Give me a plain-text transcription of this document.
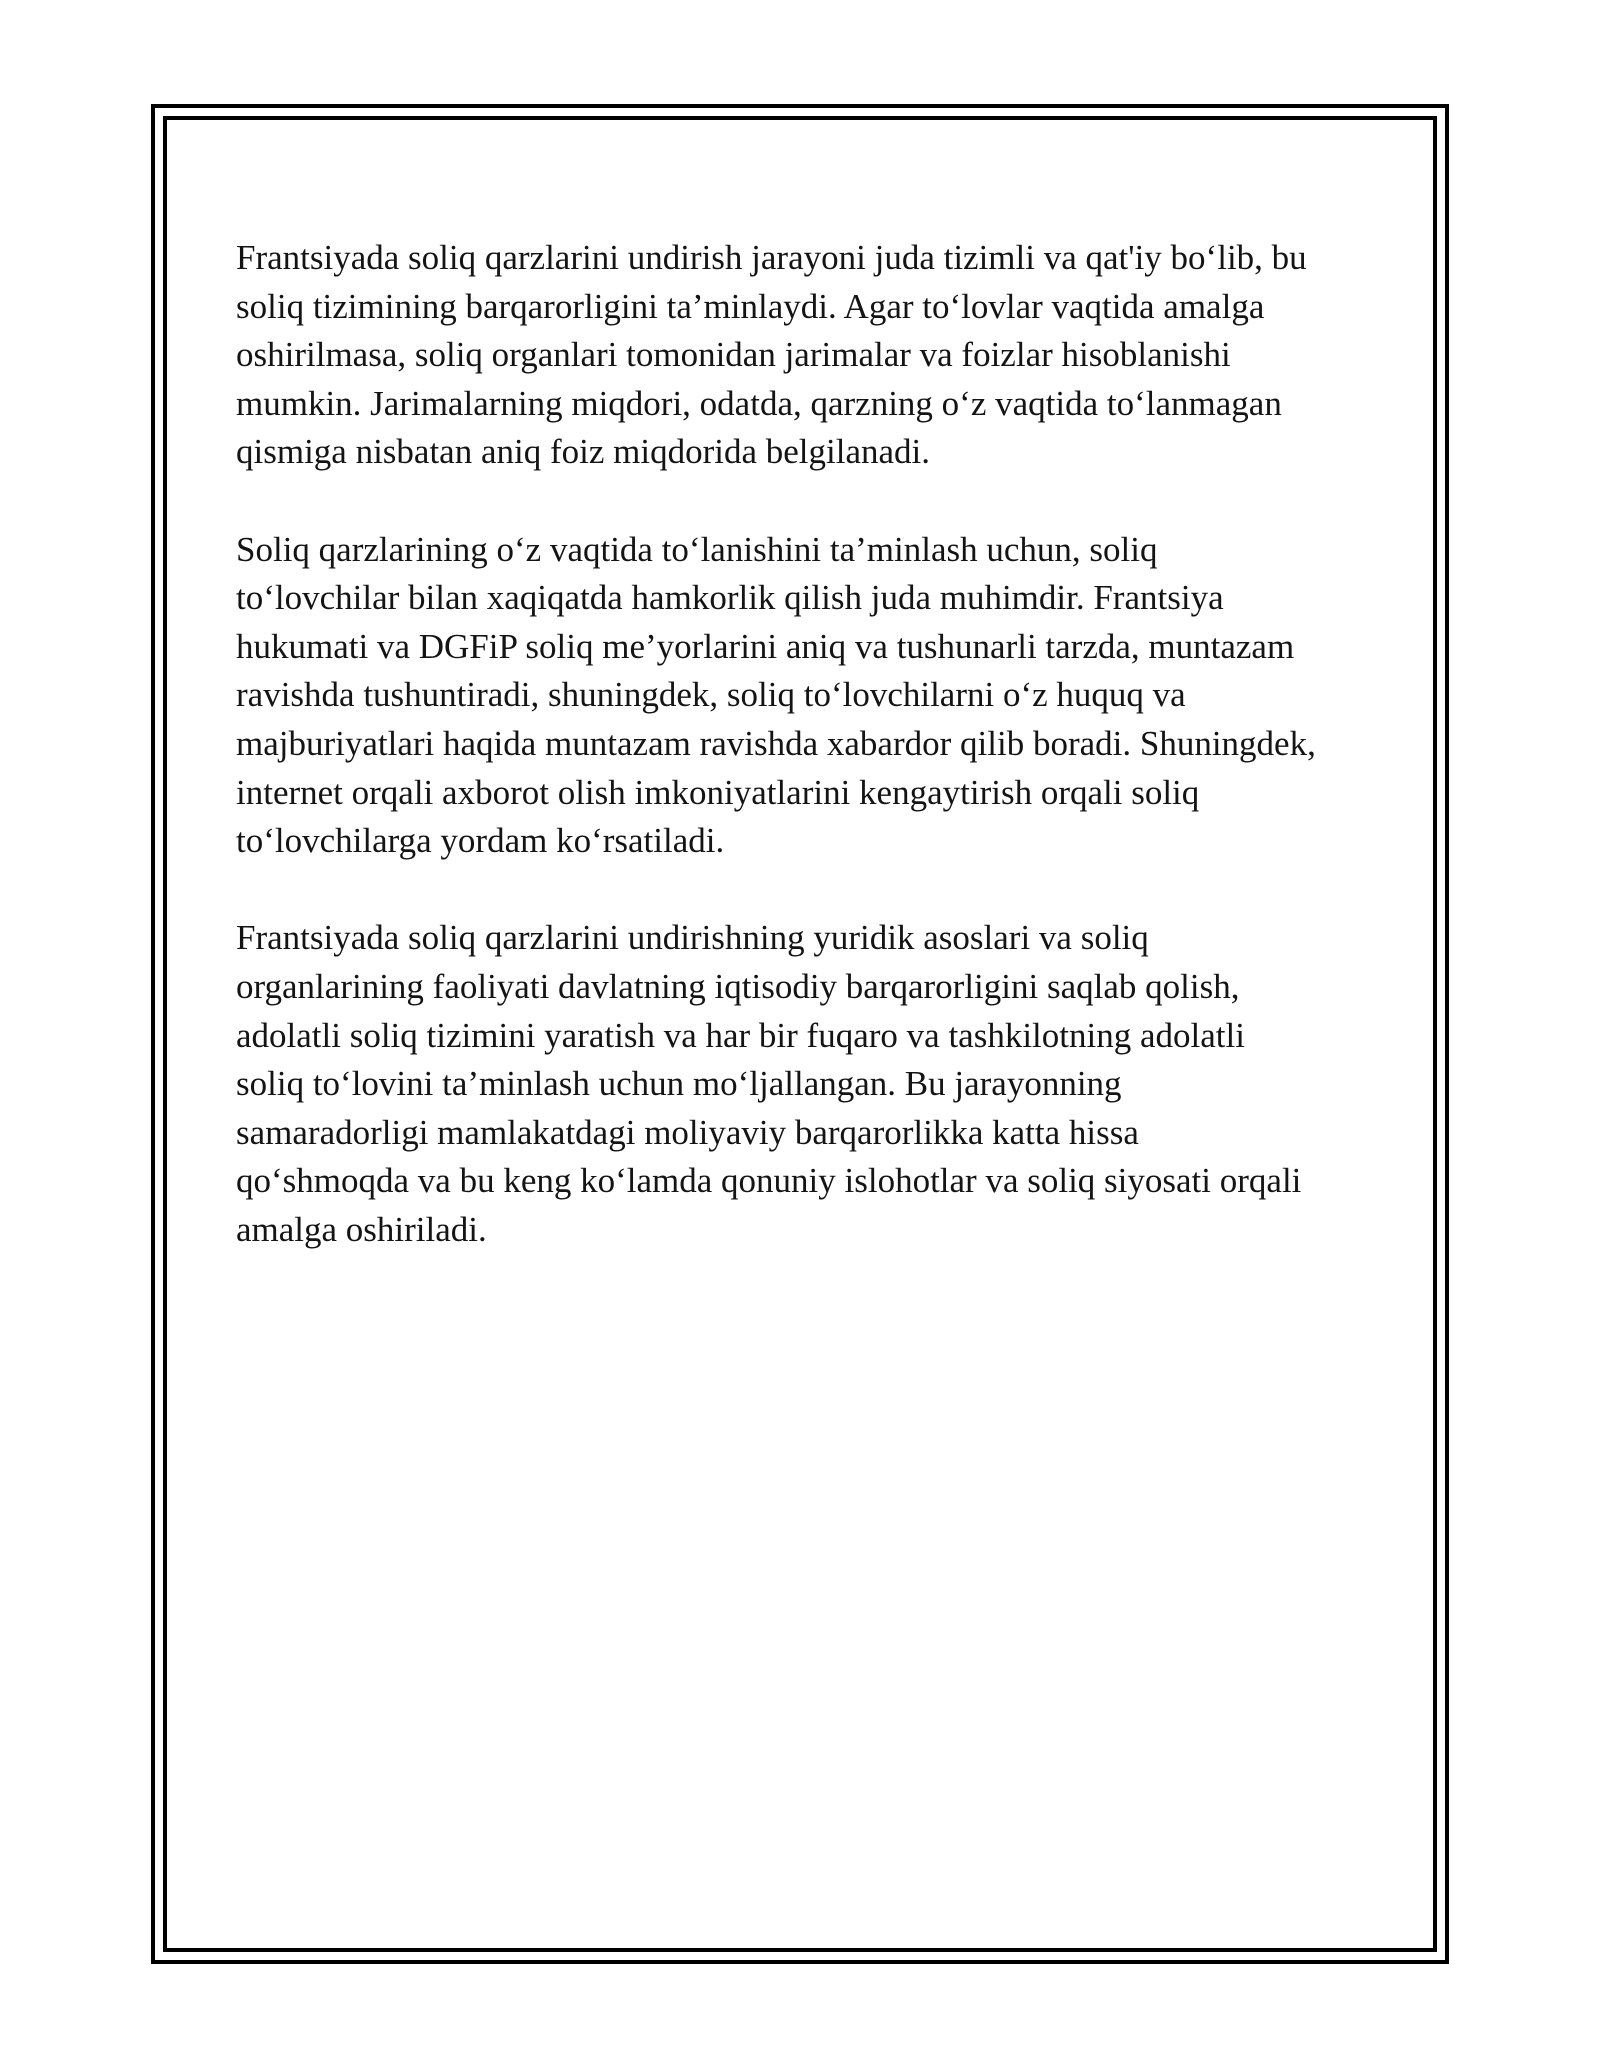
Frantsiyada soliq qarzlarini undirish jarayoni juda tizimli va qat'iy bo‘lib, bu
soliq tizimining barqarorligini ta’minlaydi. Agar to‘lovlar vaqtida amalga
oshirilmasa, soliq organlari tomonidan jarimalar va foizlar hisoblanishi
mumkin. Jarimalarning miqdori, odatda, qarzning o‘z vaqtida to‘lanmagan
qismiga nisbatan aniq foiz miqdorida belgilanadi.

Soliq qarzlarining o‘z vaqtida to‘lanishini ta’minlash uchun, soliq
to‘lovchilar bilan xaqiqatda hamkorlik qilish juda muhimdir. Frantsiya
hukumati va DGFiP soliq me’yorlarini aniq va tushunarli tarzda, muntazam
ravishda tushuntiradi, shuningdek, soliq to‘lovchilarni o‘z huquq va
majburiyatlari haqida muntazam ravishda xabardor qilib boradi. Shuningdek,
internet orqali axborot olish imkoniyatlarini kengaytirish orqali soliq
to‘lovchilarga yordam ko‘rsatiladi.

Frantsiyada soliq qarzlarini undirishning yuridik asoslari va soliq
organlarining faoliyati davlatning iqtisodiy barqarorligini saqlab qolish,
adolatli soliq tizimini yaratish va har bir fuqaro va tashkilotning adolatli
soliq to‘lovini ta’minlash uchun mo‘ljallangan. Bu jarayonning
samaradorligi mamlakatdagi moliyaviy barqarorlikka katta hissa
qo‘shmoqda va bu keng ko‘lamda qonuniy islohotlar va soliq siyosati orqali
amalga oshiriladi.
